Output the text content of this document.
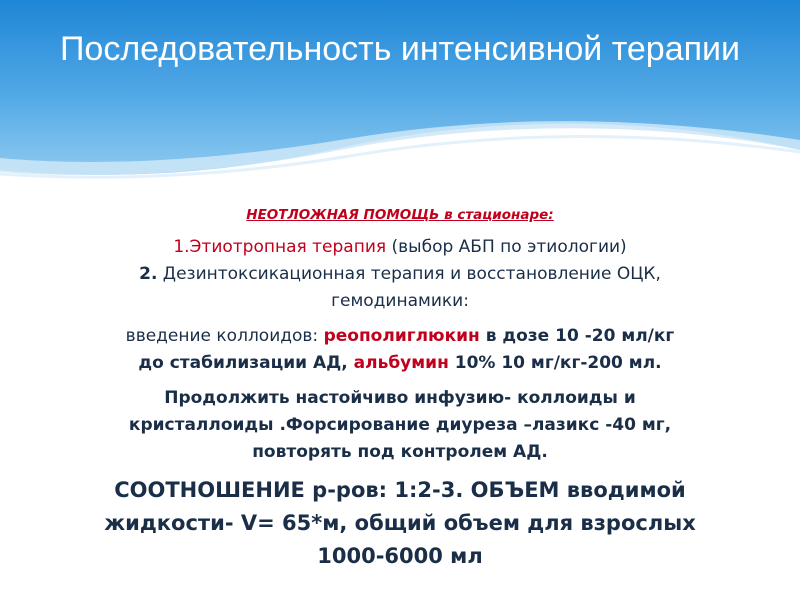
Последовательность интенсивной терапии
НЕОТЛОЖНАЯ ПОМОЩЬ в стационаре:
1.Этиотропная терапия (выбор АБП по этиологии)
2. Дезинтоксикационная терапия и восстановление ОЦК,
гемодинамики:
введение коллоидов: реополиглюкин в дозе 10 -20 мл/кг
до стабилизации АД, альбумин 10% 10 мг/кг-200 мл.
Продолжить настойчиво инфузию- коллоиды и
кристаллоиды .Форсирование диуреза –лазикс -40 мг,
повторять под контролем АД.
СООТНОШЕНИЕ р-ров: 1:2-3. ОБЪЕМ вводимой
жидкости- V= 65*м, общий объем для взрослых
1000-6000 мл
